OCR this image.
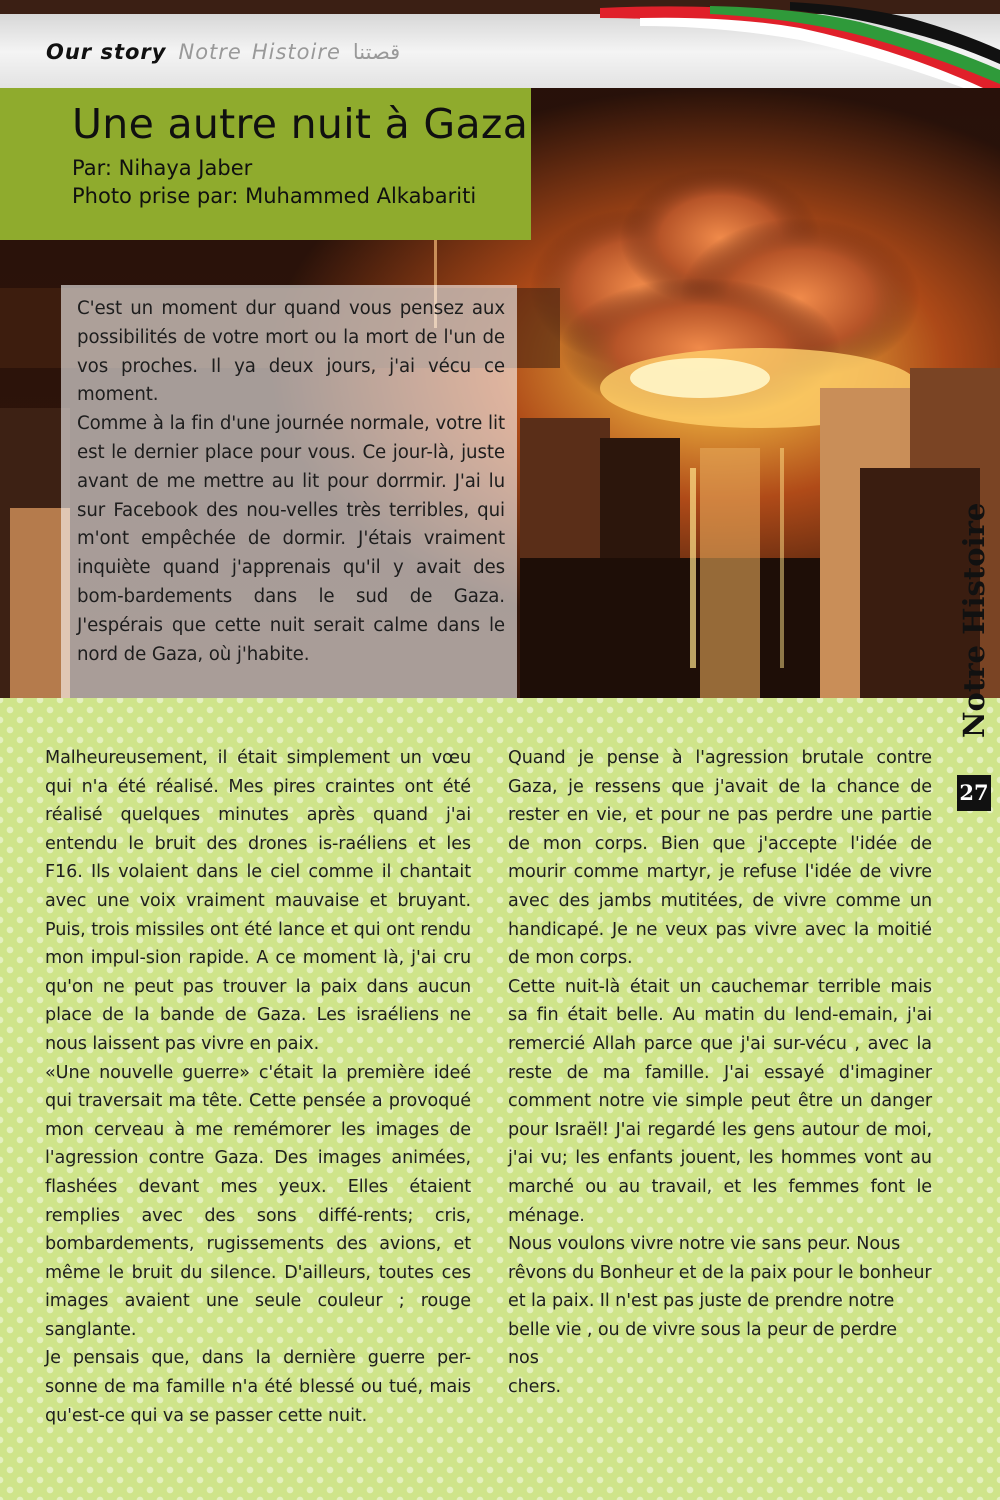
Our story Notre Histoire قصتنا
Une autre nuit à Gaza
Par: Nihaya Jaber
Photo prise par: Muhammed Alkabariti

C'est un moment dur quand vous pensez aux possibilités de votre mort ou la mort de l'un de vos proches. Il ya deux jours, j'ai vécu ce moment.

Comme à la fin d'une journée normale, votre lit est le dernier place pour vous. Ce jour-là, juste avant de me mettre au lit pour dorrmir. J'ai lu sur Facebook des nou-velles très terribles, qui m'ont empêchée de dormir. J'étais vraiment inquiète quand j'apprenais qu'il y avait des bom-bardements dans le sud de Gaza. J'espérais que cette nuit serait calme dans le nord de Gaza, où j'habite.

Malheureusement, il était simplement un vœu qui n'a été réalisé. Mes pires craintes ont été réalisé quelques minutes après quand j'ai entendu le bruit des drones is-raéliens et les F16. Ils volaient dans le ciel comme il chantait avec une voix vraiment mauvaise et bruyant. Puis, trois missiles ont été lance et qui ont rendu mon impul-sion rapide. A ce moment là, j'ai cru qu'on ne peut pas trouver la paix dans aucun place de la bande de Gaza. Les israéliens ne nous laissent pas vivre en paix.

«Une nouvelle guerre» c'était la première ideé qui traversait ma tête. Cette pensée a provoqué mon cerveau à me remémorer les images de l'agression contre Gaza. Des images animées, flashées devant mes yeux. Elles étaient remplies avec des sons diffé-rents; cris, bombardements, rugissements des avions, et même le bruit du silence. D'ailleurs, toutes ces images avaient une seule couleur ; rouge sanglante.

Je pensais que, dans la dernière guerre per-sonne de ma famille n'a été blessé ou tué, mais qu'est-ce qui va se passer cette nuit.

Quand je pense à l'agression brutale contre Gaza, je ressens que j'avait de la chance de rester en vie, et pour ne pas perdre une partie de mon corps. Bien que j'accepte l'idée de mourir comme martyr, je refuse l'idée de vivre avec des jambs mutitées, de vivre comme un handicapé. Je ne veux pas vivre avec la moitié de mon corps.

Cette nuit-là était un cauchemar terrible mais sa fin était belle. Au matin du lend-emain, j'ai remercié Allah parce que j'ai sur-vécu , avec la reste de ma famille. J'ai essayé d'imaginer comment notre vie simple peut être un danger pour Israël! J'ai regardé les gens autour de moi, j'ai vu; les enfants jouent, les hommes vont au marché ou au travail, et les femmes font le ménage.

Nous voulons vivre notre vie sans peur. Nous rêvons du Bonheur et de la paix pour le bonheur et la paix. Il n'est pas juste de prendre notre belle vie , ou de vivre sous la peur de perdre nos

chers.

Notre Histoire
27
